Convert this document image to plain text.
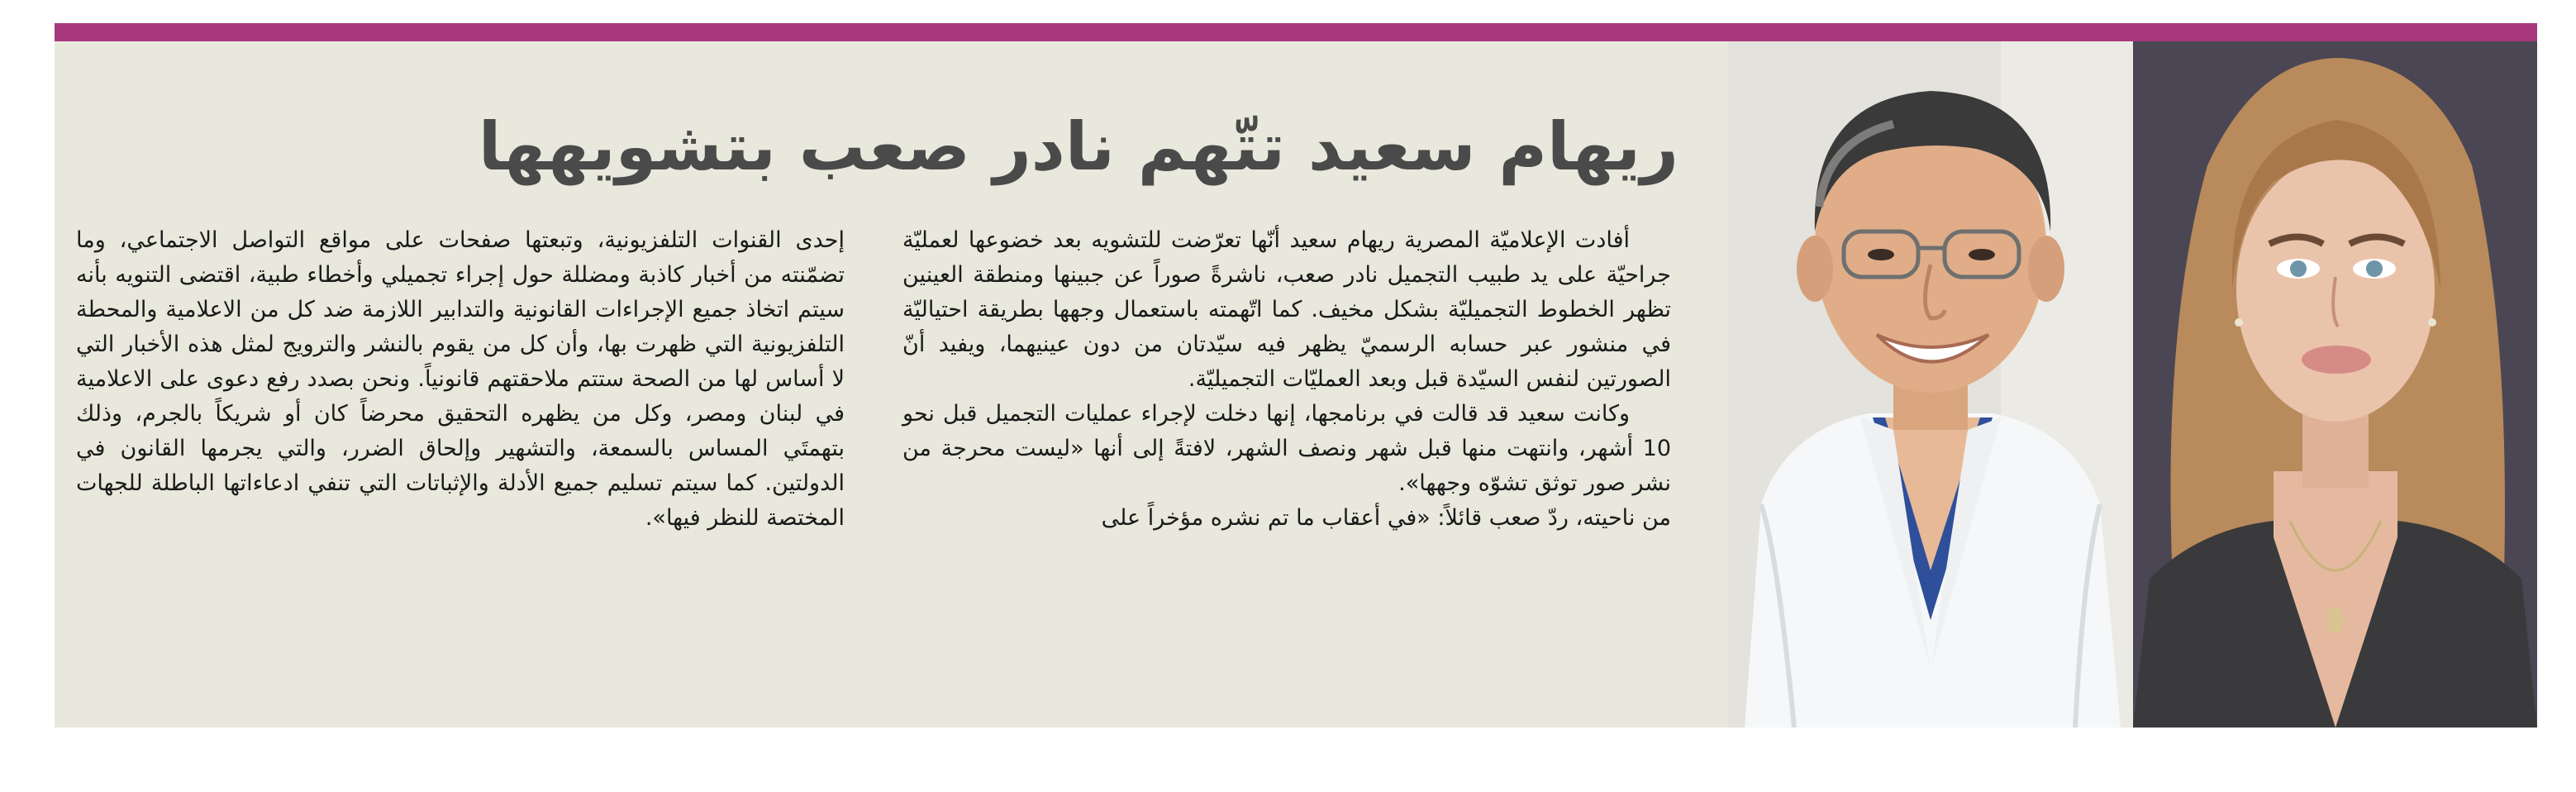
ريهام سعيد تتّهم نادر صعب بتشويهها

أفادت الإعلاميّة المصرية ريهام سعيد أنّها تعرّضت للتشويه بعد خضوعها لعمليّة جراحيّة على يد طبيب التجميل نادر صعب، ناشرةً صوراً عن جبينها ومنطقة العينين تظهر الخطوط التجميليّة بشكل مخيف. كما اتّهمته باستعمال وجهها بطريقة احتياليّة في منشور عبر حسابه الرسميّ يظهر فيه سيّدتان من دون عينيهما، ويفيد أنّ الصورتين لنفس السيّدة قبل وبعد العمليّات التجميليّة.

وكانت سعيد قد قالت في برنامجها، إنها دخلت لإجراء عمليات التجميل قبل نحو 10 أشهر، وانتهت منها قبل شهر ونصف الشهر، لافتةً إلى أنها «ليست محرجة من نشر صور توثق تشوّه وجهها».

من ناحيته، ردّ صعب قائلاً: «في أعقاب ما تم نشره مؤخراً على

إحدى القنوات التلفزيونية، وتبعتها صفحات على مواقع التواصل الاجتماعي، وما تضمّنته من أخبار كاذبة ومضللة حول إجراء تجميلي وأخطاء طبية، اقتضى التنويه بأنه سيتم اتخاذ جميع الإجراءات القانونية والتدابير اللازمة ضد كل من الاعلامية والمحطة التلفزيونية التي ظهرت بها، وأن كل من يقوم بالنشر والترويج لمثل هذه الأخبار التي لا أساس لها من الصحة ستتم ملاحقتهم قانونياً. ونحن بصدد رفع دعوى على الاعلامية في لبنان ومصر، وكل من يظهره التحقيق محرضاً كان أو شريكاً بالجرم، وذلك بتهمتَي المساس بالسمعة، والتشهير وإلحاق الضرر، والتي يجرمها القانون في الدولتين. كما سيتم تسليم جميع الأدلة والإثباتات التي تنفي ادعاءاتها الباطلة للجهات المختصة للنظر فيها».
